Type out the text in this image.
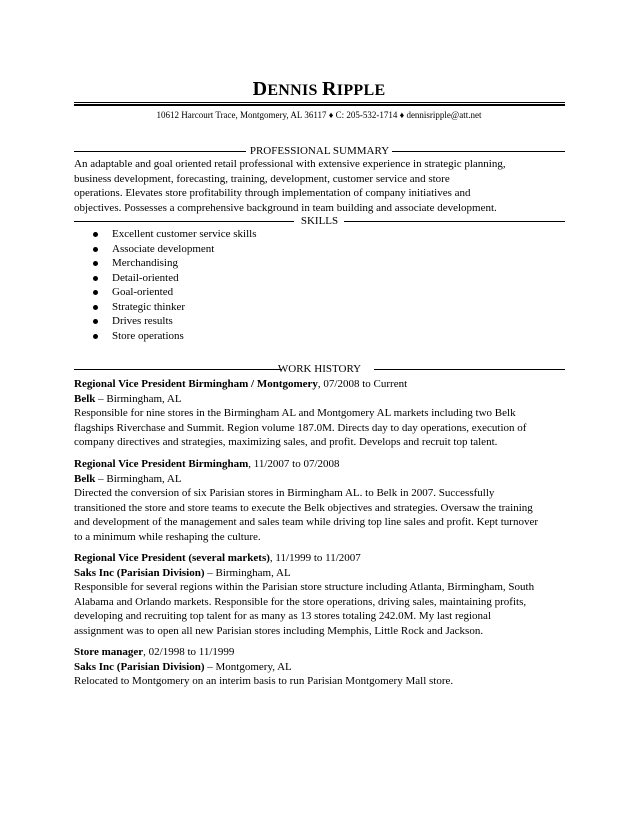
DENNIS RIPPLE
10612 Harcourt Trace, Montgomery, AL 36117 ♦ C: 205-532-1714 ♦ dennisripple@att.net
PROFESSIONAL SUMMARY
An adaptable and goal oriented retail professional with extensive experience in strategic planning,
business development, forecasting, training, development, customer service and store
operations. Elevates store profitability through implementation of company initiatives and
objectives. Possesses a comprehensive background in team building and associate development.
SKILLS
Excellent customer service skills
Associate development
Merchandising
Detail-oriented
Goal-oriented
Strategic thinker
Drives results
Store operations
WORK HISTORY
Regional Vice President Birmingham / Montgomery, 07/2008 to Current
Belk – Birmingham, AL
Responsible for nine stores in the Birmingham AL and Montgomery AL markets including two Belk
flagships Riverchase and Summit. Region volume 187.0M. Directs day to day operations, execution of
company directives and strategies, maximizing sales, and profit. Develops and recruit top talent.
Regional Vice President Birmingham, 11/2007 to 07/2008
Belk – Birmingham, AL
Directed the conversion of six Parisian stores in Birmingham AL. to Belk in 2007. Successfully
transitioned the store and store teams to execute the Belk objectives and strategies. Oversaw the training
and development of the management and sales team while driving top line sales and profit. Kept turnover
to a minimum while reshaping the culture.
Regional Vice President (several markets), 11/1999 to 11/2007
Saks Inc (Parisian Division) – Birmingham, AL
Responsible for several regions within the Parisian store structure including Atlanta, Birmingham, South
Alabama and Orlando markets. Responsible for the store operations, driving sales, maintaining profits,
developing and recruiting top talent for as many as 13 stores totaling 242.0M. My last regional
assignment was to open all new Parisian stores including Memphis, Little Rock and Jackson.
Store manager, 02/1998 to 11/1999
Saks Inc (Parisian Division) – Montgomery, AL
Relocated to Montgomery on an interim basis to run Parisian Montgomery Mall store.
